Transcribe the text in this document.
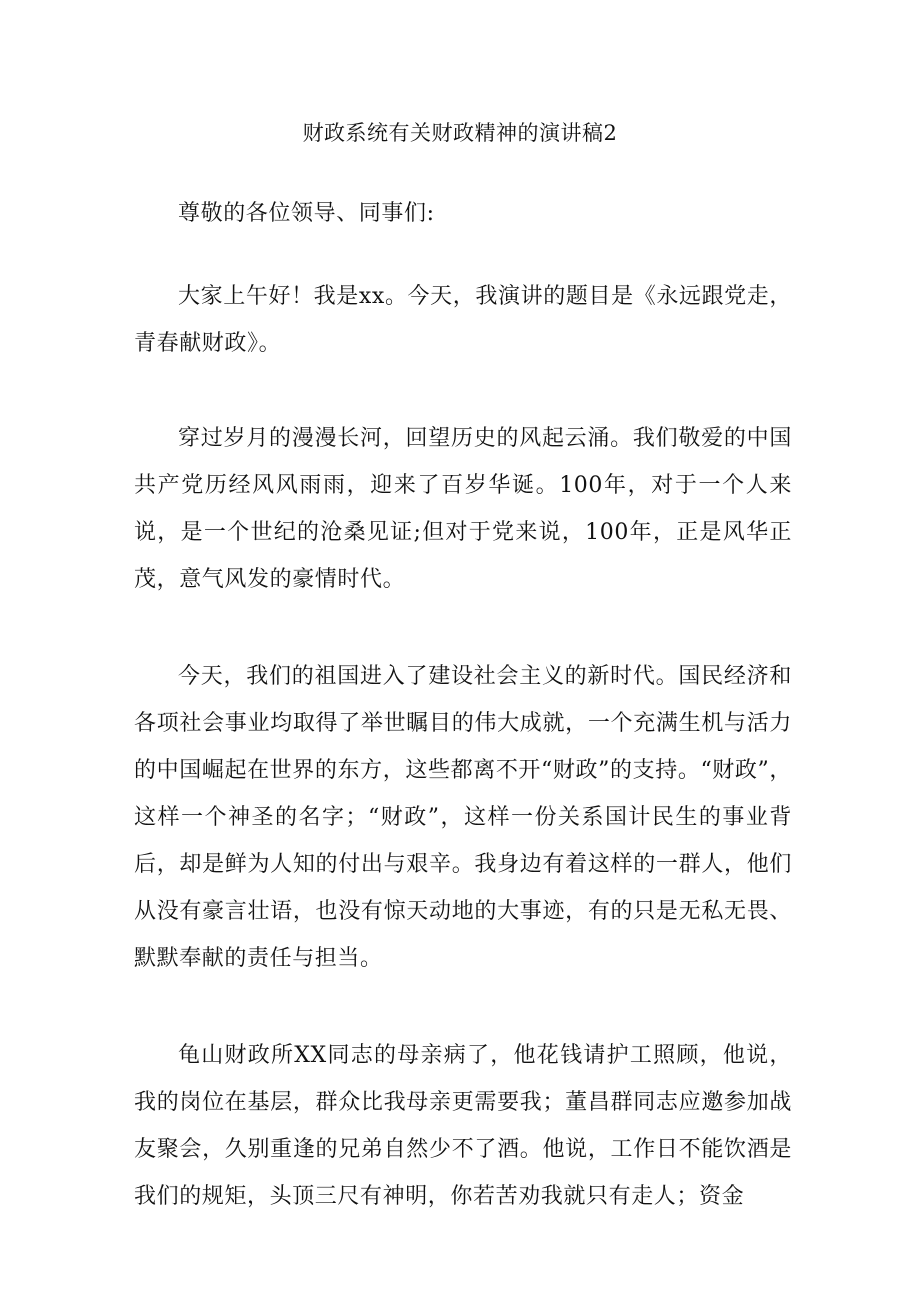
财政系统有关财政精神的演讲稿2

尊敬的各位领导、同事们:

大家上午好！我是xx。今天，我演讲的题目是《永远跟党走，青春献财政》。

穿过岁月的漫漫长河，回望历史的风起云涌。我们敬爱的中国共产党历经风风雨雨，迎来了百岁华诞。100年，对于一个人来说，是一个世纪的沧桑见证;但对于党来说，100年，正是风华正茂，意气风发的豪情时代。

今天，我们的祖国进入了建设社会主义的新时代。国民经济和各项社会事业均取得了举世瞩目的伟大成就，一个充满生机与活力的中国崛起在世界的东方，这些都离不开“财政”的支持。“财政”，这样一个神圣的名字；“财政”，这样一份关系国计民生的事业背后，却是鲜为人知的付出与艰辛。我身边有着这样的一群人，他们从没有豪言壮语，也没有惊天动地的大事迹，有的只是无私无畏、默默奉献的责任与担当。

龟山财政所XX同志的母亲病了，他花钱请护工照顾，他说，我的岗位在基层，群众比我母亲更需要我；董昌群同志应邀参加战友聚会，久别重逢的兄弟自然少不了酒。他说，工作日不能饮酒是我们的规矩，头顶三尺有神明，你若苦劝我就只有走人；资金
